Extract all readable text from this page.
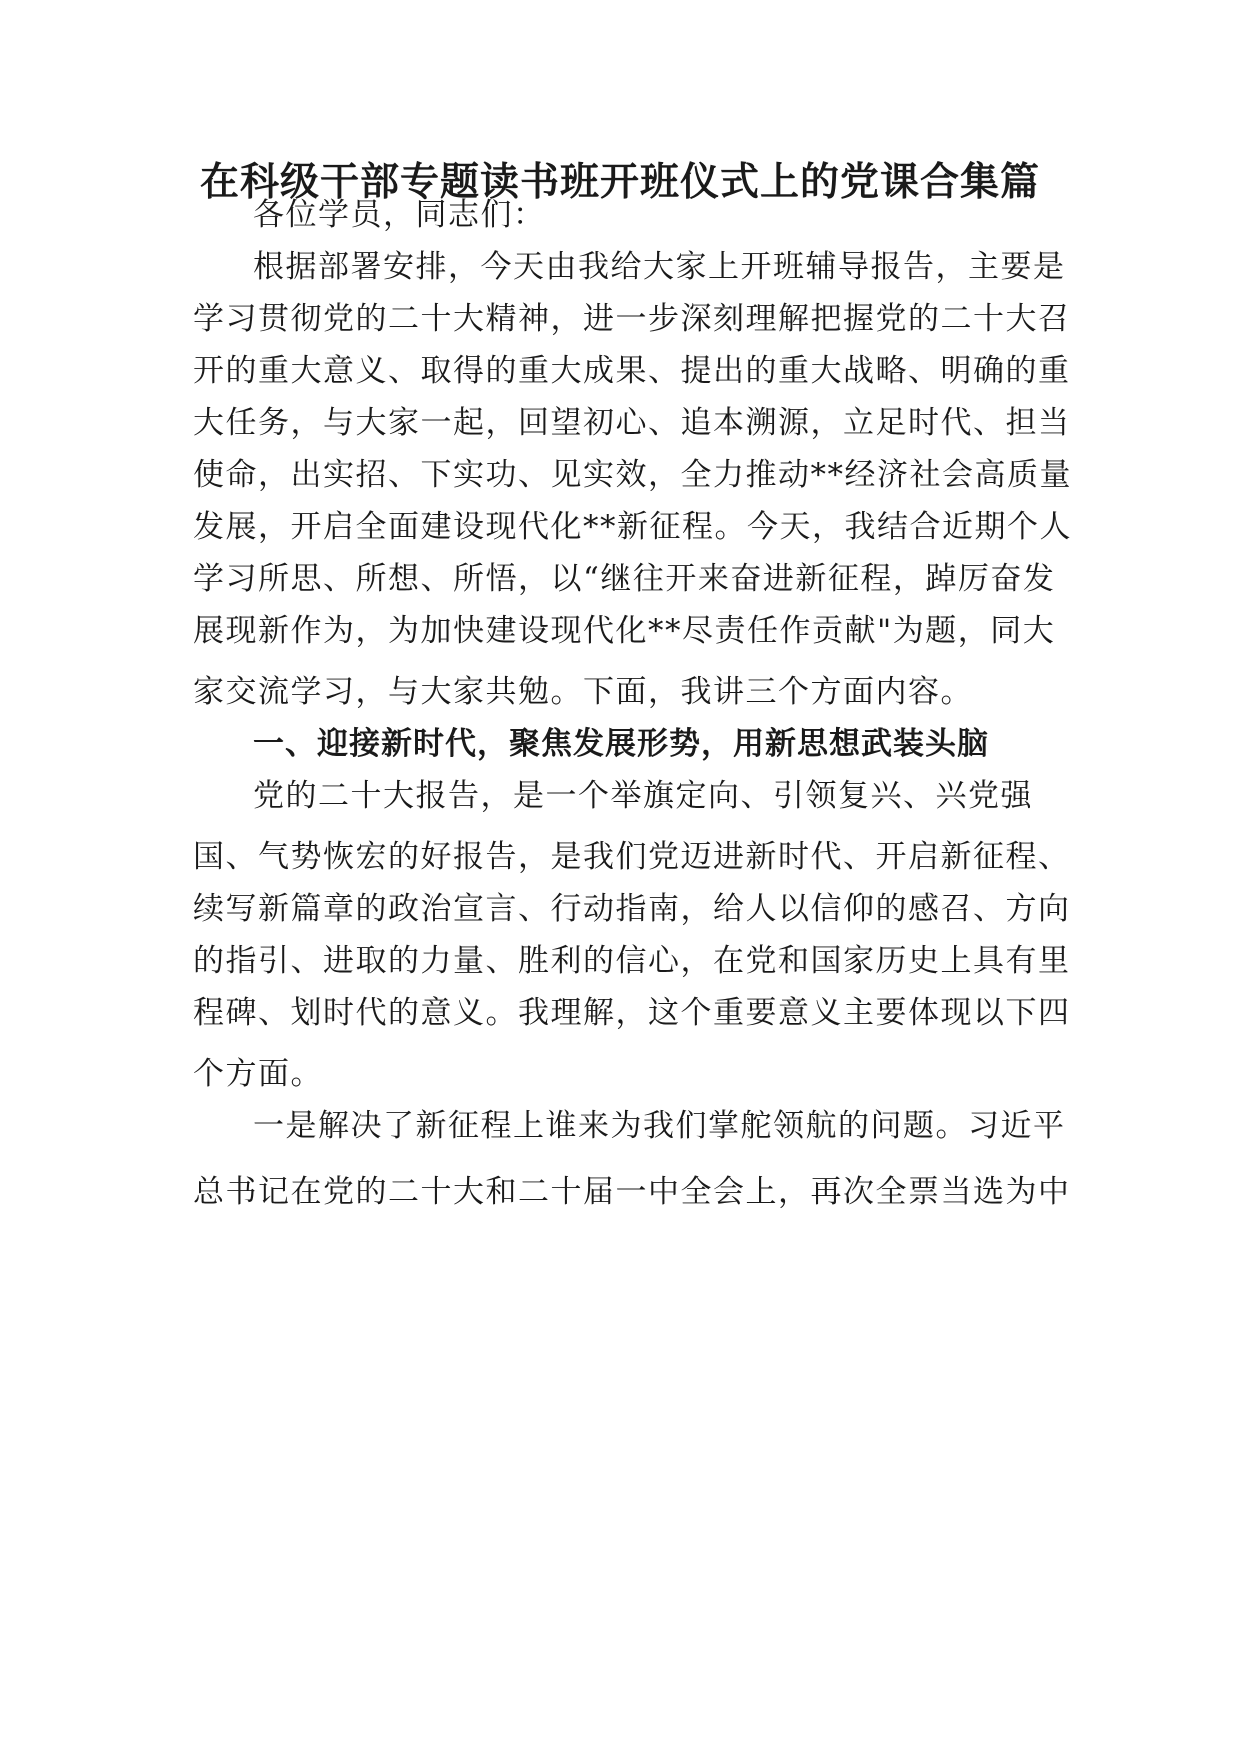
在科级干部专题读书班开班仪式上的党课合集篇

各位学员，同志们：

根据部署安排，今天由我给大家上开班辅导报告，主要是

学习贯彻党的二十大精神，进一步深刻理解把握党的二十大召

开的重大意义、取得的重大成果、提出的重大战略、明确的重

大任务，与大家一起，回望初心、追本溯源，立足时代、担当

使命，出实招、下实功、见实效，全力推动**经济社会高质量

发展，开启全面建设现代化**新征程。今天，我结合近期个人

学习所思、所想、所悟，以“继往开来奋进新征程，踔厉奋发

展现新作为，为加快建设现代化**尽责任作贡献"为题，同大

家交流学习，与大家共勉。下面，我讲三个方面内容。

一、迎接新时代，聚焦发展形势，用新思想武装头脑

党的二十大报告，是一个举旗定向、引领复兴、兴党强

国、气势恢宏的好报告，是我们党迈进新时代、开启新征程、

续写新篇章的政治宣言、行动指南，给人以信仰的感召、方向

的指引、进取的力量、胜利的信心，在党和国家历史上具有里

程碑、划时代的意义。我理解，这个重要意义主要体现以下四

个方面。

一是解决了新征程上谁来为我们掌舵领航的问题。习近平

总书记在党的二十大和二十届一中全会上，再次全票当选为中
